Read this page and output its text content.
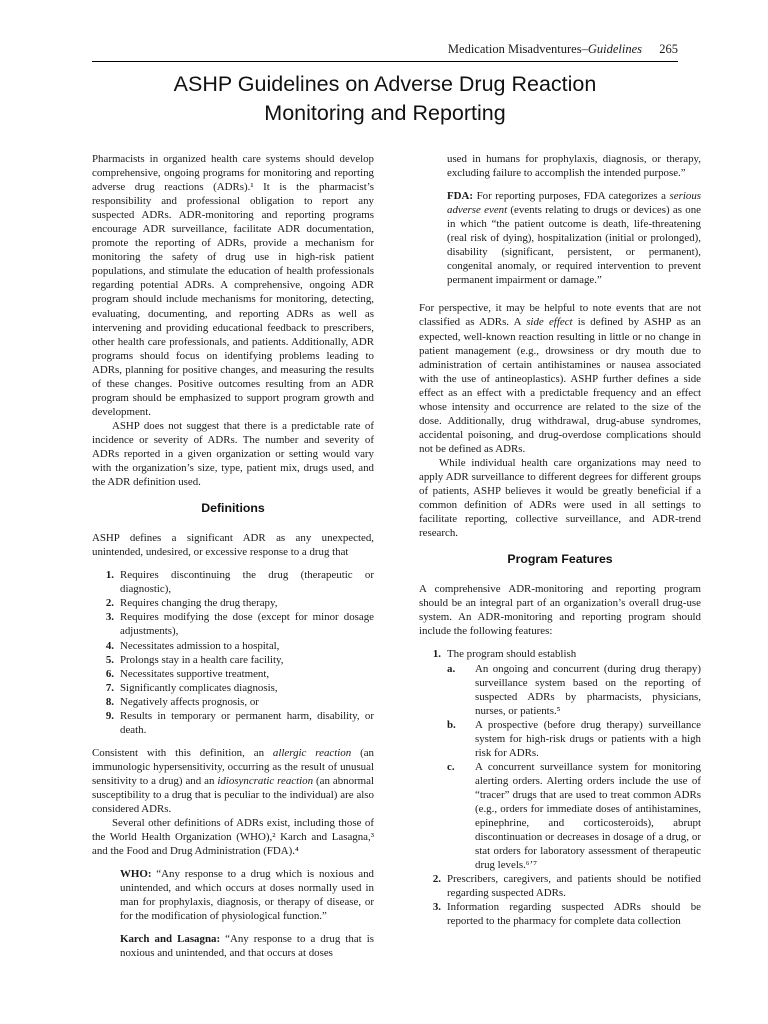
Medication Misadventures–Guidelines 265
ASHP Guidelines on Adverse Drug Reaction
Monitoring and Reporting

Pharmacists in organized health care systems should develop comprehensive, ongoing programs for monitoring and reporting adverse drug reactions (ADRs).¹ It is the pharmacist’s responsibility and professional obligation to report any suspected ADRs. ADR-monitoring and reporting programs encourage ADR surveillance, facilitate ADR documentation, promote the reporting of ADRs, provide a mechanism for monitoring the safety of drug use in high-risk patient populations, and stimulate the education of health professionals regarding potential ADRs. A comprehensive, ongoing ADR program should include mechanisms for monitoring, detecting, evaluating, documenting, and reporting ADRs as well as intervening and providing educational feedback to prescribers, other health care professionals, and patients. Additionally, ADR programs should focus on identifying problems leading to ADRs, planning for positive changes, and measuring the results of these changes. Positive outcomes resulting from an ADR program should be emphasized to support program growth and development.

ASHP does not suggest that there is a predictable rate of incidence or severity of ADRs. The number and severity of ADRs reported in a given organization or setting would vary with the organization’s size, type, patient mix, drugs used, and the ADR definition used.

Definitions

ASHP defines a significant ADR as any unexpected, unintended, undesired, or excessive response to a drug that

1. Requires discontinuing the drug (therapeutic or diagnostic),
2. Requires changing the drug therapy,
3. Requires modifying the dose (except for minor dosage adjustments),
4. Necessitates admission to a hospital,
5. Prolongs stay in a health care facility,
6. Necessitates supportive treatment,
7. Significantly complicates diagnosis,
8. Negatively affects prognosis, or
9. Results in temporary or permanent harm, disability, or death.

Consistent with this definition, an allergic reaction (an immunologic hypersensitivity, occurring as the result of unusual sensitivity to a drug) and an idiosyncratic reaction (an abnormal susceptibility to a drug that is peculiar to the individual) are also considered ADRs.

Several other definitions of ADRs exist, including those of the World Health Organization (WHO),² Karch and Lasagna,³ and the Food and Drug Administration (FDA).⁴

WHO: “Any response to a drug which is noxious and unintended, and which occurs at doses normally used in man for prophylaxis, diagnosis, or therapy of disease, or for the modification of physiological function.”

Karch and Lasagna: “Any response to a drug that is noxious and unintended, and that occurs at doses

used in humans for prophylaxis, diagnosis, or therapy, excluding failure to accomplish the intended purpose.”

FDA: For reporting purposes, FDA categorizes a serious adverse event (events relating to drugs or devices) as one in which “the patient outcome is death, life-threatening (real risk of dying), hospitalization (initial or prolonged), disability (significant, persistent, or permanent), congenital anomaly, or required intervention to prevent permanent impairment or damage.”

For perspective, it may be helpful to note events that are not classified as ADRs. A side effect is defined by ASHP as an expected, well-known reaction resulting in little or no change in patient management (e.g., drowsiness or dry mouth due to administration of certain antihistamines or nausea associated with the use of antineoplastics). ASHP further defines a side effect as an effect with a predictable frequency and an effect whose intensity and occurrence are related to the size of the dose. Additionally, drug withdrawal, drug-abuse syndromes, accidental poisoning, and drug-overdose complications should not be defined as ADRs.

While individual health care organizations may need to apply ADR surveillance to different degrees for different groups of patients, ASHP believes it would be greatly beneficial if a common definition of ADRs were used in all settings to facilitate reporting, collective surveillance, and ADR-trend research.

Program Features

A comprehensive ADR-monitoring and reporting program should be an integral part of an organization’s overall drug-use system. An ADR-monitoring and reporting program should include the following features:

1. The program should establish
a.	An ongoing and concurrent (during drug therapy) surveillance system based on the reporting of suspected ADRs by pharmacists, physicians, nurses, or patients.⁵
b.	A prospective (before drug therapy) surveillance system for high-risk drugs or patients with a high risk for ADRs.
c.	A concurrent surveillance system for monitoring alerting orders. Alerting orders include the use of “tracer” drugs that are used to treat common ADRs (e.g., orders for immediate doses of antihistamines, epinephrine, and corticosteroids), abrupt discontinuation or decreases in dosage of a drug, or stat orders for laboratory assessment of therapeutic drug levels.⁶ʼ⁷
2. Prescribers, caregivers, and patients should be notified regarding suspected ADRs.
3. Information regarding suspected ADRs should be reported to the pharmacy for complete data collection
